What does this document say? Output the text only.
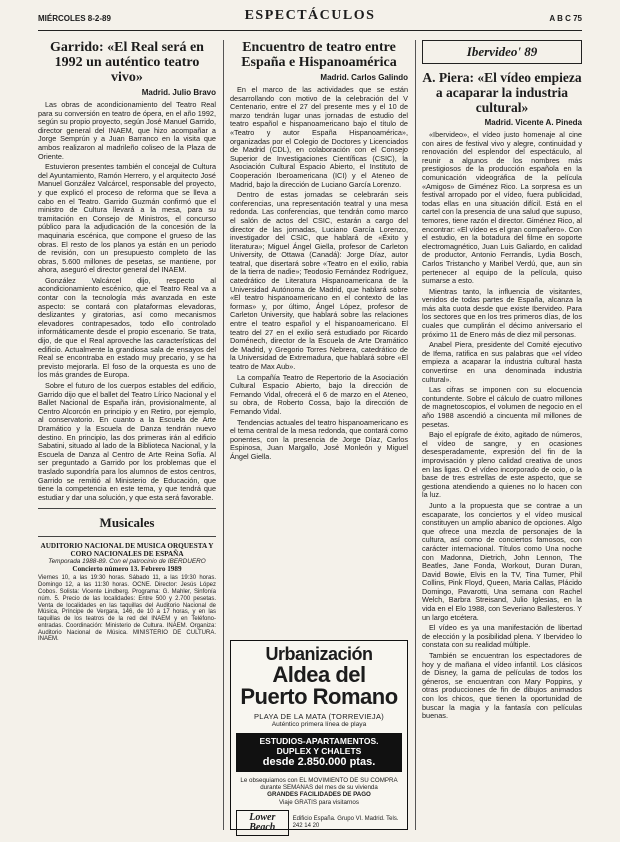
MIÉRCOLES 8-2-89	ESPECTÁCULOS	A B C 75
Garrido: «El Real será en 1992 un auténtico teatro vivo»
Madrid. Julio Bravo

Las obras de acondicionamiento del Teatro Real para su conversión en teatro de ópera, en el año 1992, según su propio proyecto, según José Manuel Garrido, director general del INAEM, que hizo acompañar a Jorge Semprún y a Juan Barranco en la visita que ambos realizaron al madrileño coliseo de la Plaza de Oriente.

Estuvieron presentes también el concejal de Cultura del Ayuntamiento, Ramón Herrero, y el arquitecto José Manuel González Valcárcel, responsable del proyecto, y que explicó el proceso de reforma que se lleva a cabo en el Teatro. Garrido Guzmán confirmó que el ministro de Cultura llevará a la mesa, para su tramitación en Consejo de Ministros, el concurso público para la adjudicación de la concesión de la maquinaria escénica, que compone el grueso de las obras. El resto de los planos ya están en un periodo de revisión, con un presupuesto completo de las obras, 5.600 millones de pesetas, se mantiene, por ahora, aseguró el director general del INAEM.

González Valcárcel dijo, respecto al acondicionamiento escénico, que el Teatro Real va a contar con la tecnología más avanzada en este aspecto: se contará con plataformas elevadoras, deslizantes y giratorias, así como mecanismos elevadores contrapesados, todo ello controlado informáticamente desde el propio escenario. Se trata, dijo, de que el Real aproveche las características del edificio. Actualmente la grandiosa sala de ensayos del Real se encontraba en estado muy precario, y se ha previsto mejorarla. El foso de la orquesta es uno de los más grandes de Europa.

Sobre el futuro de los cuerpos estables del edificio, Garrido dijo que el ballet del Teatro Lírico Nacional y el Ballet Nacional de España irán, provisionalmente, al Centro Alcorcón en principio y en Retiro, por ejemplo, al conservatorio. En cuanto a la Escuela de Arte Dramático y la Escuela de Danza tendrán nuevo destino. En principio, las dos primeras irán al edificio Sabatini, situado al lado de la Biblioteca Nacional, y la Escuela de Danza al Centro de Arte Reina Sofía. Al ser preguntado a Garrido por los problemas que el traslado supondría para los alumnos de estos centros, Garrido se remitió al Ministerio de Educación, que tiene la competencia en este tema, y que tendrá que estudiar y dar una solución, y que esta será favorable.

Musicales
AUDITORIO NACIONAL DE MUSICA ORQUESTA Y CORO NACIONALES DE ESPAÑA
Temporada 1988-89. Con el patrocinio de IBERDUERO
Concierto número 13. Febrero 1989
Viernes 10, a las 19:30 horas. Sábado 11, a las 19:30 horas. Domingo 12, a las 11:30 horas. OCNE. Director: Jesús López Cobos. Solista: Vicente Lindberg. Programa: G. Mahler, Sinfonía núm. 5. Precio de las localidades: Entre 500 y 2.700 pesetas. Venta de localidades en las taquillas del Auditorio Nacional de Música, Príncipe de Vergara, 146, de 10 a 17 horas, y en las taquillas de los teatros de la red del INAEM y en Teléfono-entradas. Coordinación: Ministerio de Cultura. INAEM. Organiza: Auditorio Nacional de Música. MINISTERIO DE CULTURA. INAEM.
Encuentro de teatro entre España e Hispanoamérica
Madrid. Carlos Galindo

En el marco de las actividades que se están desarrollando con motivo de la celebración del V Centenario, entre el 27 del presente mes y el 10 de marzo tendrán lugar unas jornadas de estudio del teatro español e hispanoamericano bajo el título de «Teatro y autor España Hispanoamérica», organizadas por el Colegio de Doctores y Licenciados de Madrid (CDL), en colaboración con el Consejo Superior de Investigaciones Científicas (CSIC), la Asociación Cultural Espacio Abierto, el Instituto de Cooperación Iberoamericana (ICI) y el Ateneo de Madrid, bajo la dirección de Luciano García Lorenzo.

Dentro de estas jornadas se celebrarán seis conferencias, una representación teatral y una mesa redonda. Las conferencias, que tendrán como marco el salón de actos del CSIC, estarán a cargo del director de las jornadas, Luciano García Lorenzo, investigador del CSIC, que hablará de «Éxito y literatura»; Miguel Ángel Giella, profesor de Carleton University, de Ottawa (Canadá): Jorge Díaz, autor teatral, que disertará sobre «Teatro en el exilio, rabia de la tierra de nadie»; Teodosio Fernández Rodríguez, catedrático de Literatura Hispanoamericana de la Universidad Autónoma de Madrid, que hablará sobre «El teatro hispanoamericano en el contexto de las formas» y, por último, Ángel López, profesor de Carleton University, que hablará sobre las relaciones entre el teatro español y el hispanoamericano. El teatro del 27 en el exilio será estudiado por Ricardo Doménech, director de la Escuela de Arte Dramático de Madrid, y Gregorio Torres Nebrera, catedrático de la Universidad de Extremadura, que hablará sobre «El teatro de Max Aub».

La compañía Teatro de Repertorio de la Asociación Cultural Espacio Abierto, bajo la dirección de Fernando Vidal, ofrecerá el 6 de marzo en el Ateneo, su obra, de Roberto Cossa, bajo la dirección de Fernando Vidal.

Tendencias actuales del teatro hispanoamericano es el tema central de la mesa redonda, que contará como ponentes, con la presencia de Jorge Díaz, Carlos Espinosa, Juan Margallo, José Monleón y Miguel Ángel Giella.

Urbanización
Aldea del
Puerto Romano
PLAYA DE LA MATA (TORREVIEJA)
Auténtico primera línea de playa
ESTUDIOS-APARTAMENTOS.
DUPLEX Y CHALETS
desde 2.850.000 ptas.
Le obsequiamos con EL MOVIMIENTO DE SU COMPRA durante SEMANAS del mes de su vivienda
GRANDES FACILIDADES DE PAGO
Viaje GRATIS para visitarnos
Lower Beach
Edificio España. Grupo VI. Madrid. Tels. 242 14 20
Ibervideo' 89
A. Piera: «El vídeo empieza a acaparar la industria cultural»
Madrid. Vicente A. Pineda

«Ibervideo», el vídeo justo homenaje al cine con aires de festival vivo y alegre, continuidad y renovación del esplendor del espectáculo, al reunir a algunos de los nombres más prestigiosos de la producción española en la comunicación videográfica de la película «Amigos» de Giménez Rico. La sorpresa es un festival arropado por el vídeo, fuera publicidad, todas ellas en una situación difícil. Está en el cartel con la presencia de una salud que supuso, temores, tiene razón el director. Giménez Rico, al encontrar: «El vídeo es el gran compañero». Con el estudio, en la botadura del filme en soporte electromagnético, Juan Luis Galiardo, en calidad de productor, Antonio Ferrandis, Lydia Bosch, Carlos Tristancho y Maribel Verdú, que, aun sin pertenecer al equipo de la película, quiso sumarse a esto.

Mientras tanto, la influencia de visitantes, venidos de todas partes de España, alcanza la más alta cuota desde que existe Ibervideo. Para los sectores que en los tres primeros días, de los cuales que cumplirán el décimo aniversario el próximo 11 de Enero más de diez mil personas.

Anabel Piera, presidente del Comité ejecutivo de Ifema, ratifica en sus palabras que «el vídeo empieza a acaparar la industria cultural hasta convertirse en una denominada industria cultural».

Las cifras se imponen con su elocuencia contundente. Sobre el cálculo de cuatro millones de magnetoscopios, el volumen de negocio en el año 1988 ascendió a cincuenta mil millones de pesetas.

Bajo el epígrafe de éxito, agitado de números, el vídeo de sangre, y en ocasiones desesperadamente, expresión del fin de la improvisación y pleno calidad creativa de unos en las ligas. O el vídeo incorporado de ocio, o la base de tres estrellas de este aspecto, que se gestiona atendiendo a quienes no lo hacen con la luz.

Junto a la propuesta que se contrae a un escaparate, los conciertos y el vídeo musical constituyen un amplio abanico de opciones. Algo que ofrece una mezcla de personajes de la cultura, así como de conciertos famosos, con carácter internacional. Títulos como Una noche con Madonna, Dietrich, John Lennon, The Beatles, Jane Fonda, Workout, Duran Duran, David Bowie, Elvis en la TV, Tina Turner, Phil Collins, Pink Floyd, Queen, Maria Callas, Plácido Domingo, Pavarotti, Una semana con Rachel Welch, Barbra Streisand, Julio Iglesias, en la vida en el Elo 1988, con Severiano Ballesteros. Y un largo etcétera.

El vídeo es ya una manifestación de libertad de elección y la posibilidad plena. Y Ibervideo lo constata con su realidad múltiple.

También se encuentran los espectadores de hoy y de mañana el vídeo infantil. Los clásicos de Disney, la gama de películas de todos los géneros, se encuentran con Mary Poppins, y otras producciones de fin de dibujos animados con los chicos, que tienen la oportunidad de buscar la magia y la fantasía con películas buenas.
